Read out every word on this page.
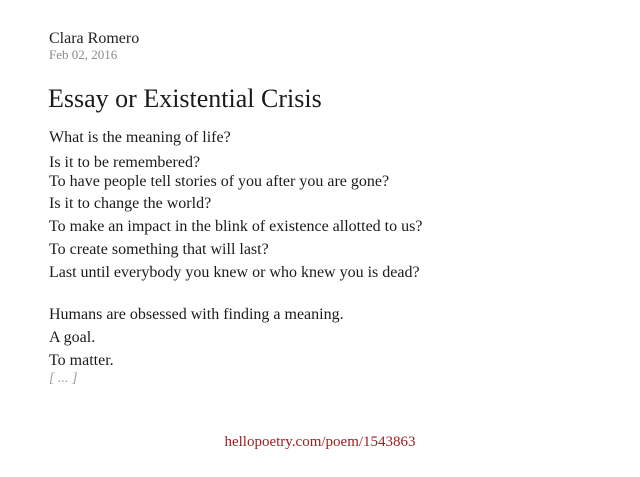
Clara Romero
Feb 02, 2016
Essay or Existential Crisis

What is the meaning of life?

Is it to be remembered?

To have people tell stories of you after you are gone?

Is it to change the world?

To make an impact in the blink of existence allotted to us?

To create something that will last?

Last until everybody you knew or who knew you is dead?

Humans are obsessed with finding a meaning.

A goal.

To matter.

[ ... ]
hellopoetry.com/poem/1543863
